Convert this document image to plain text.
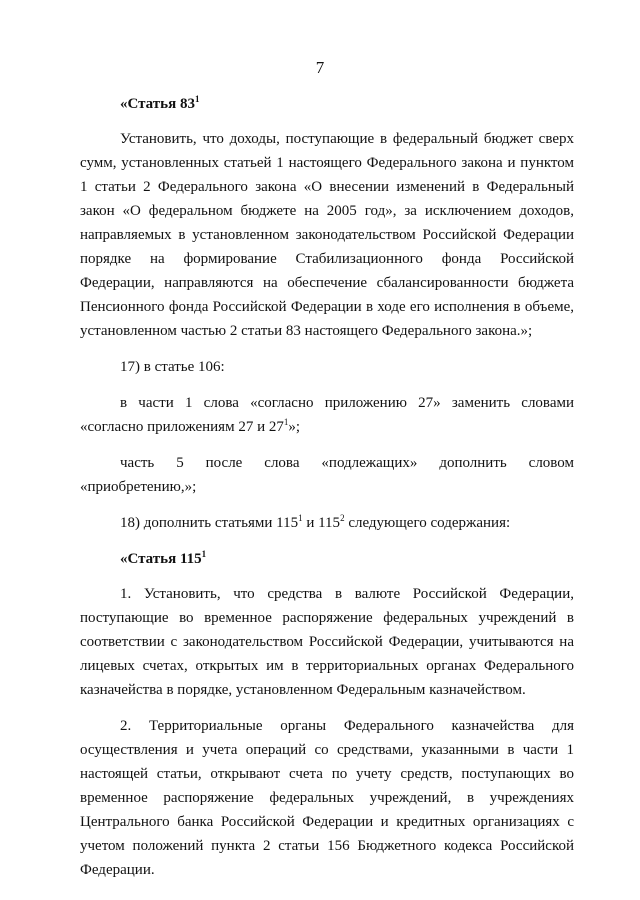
7
«Статья $83^1$
Установить, что доходы, поступающие в федеральный бюджет сверх сумм, установленных статьей 1 настоящего Федерального закона и пунктом 1 статьи 2 Федерального закона «О внесении изменений в Федеральный закон «О федеральном бюджете на 2005 год», за исключением доходов, направляемых в установленном законодательством Российской Федерации порядке на формирование Стабилизационного фонда Российской Федерации, направляются на обеспечение сбалансированности бюджета Пенсионного фонда Российской Федерации в ходе его исполнения в объеме, установленном частью 2 статьи 83 настоящего Федерального закона.»;
17) в статье 106:
в части 1 слова «согласно приложению 27» заменить словами «согласно приложениям 27 и $27^1$»;
часть 5 после слова «подлежащих» дополнить словом «приобретению,»;
18) дополнить статьями $115^1$ и $115^2$ следующего содержания:
«Статья $115^1$
1. Установить, что средства в валюте Российской Федерации, поступающие во временное распоряжение федеральных учреждений в соответствии с законодательством Российской Федерации, учитываются на лицевых счетах, открытых им в территориальных органах Федерального казначейства в порядке, установленном Федеральным казначейством.
2. Территориальные органы Федерального казначейства для осуществления и учета операций со средствами, указанными в части 1 настоящей статьи, открывают счета по учету средств, поступающих во временное распоряжение федеральных учреждений, в учреждениях Центрального банка Российской Федерации и кредитных организациях с учетом положений пункта 2 статьи 156 Бюджетного кодекса Российской Федерации.
